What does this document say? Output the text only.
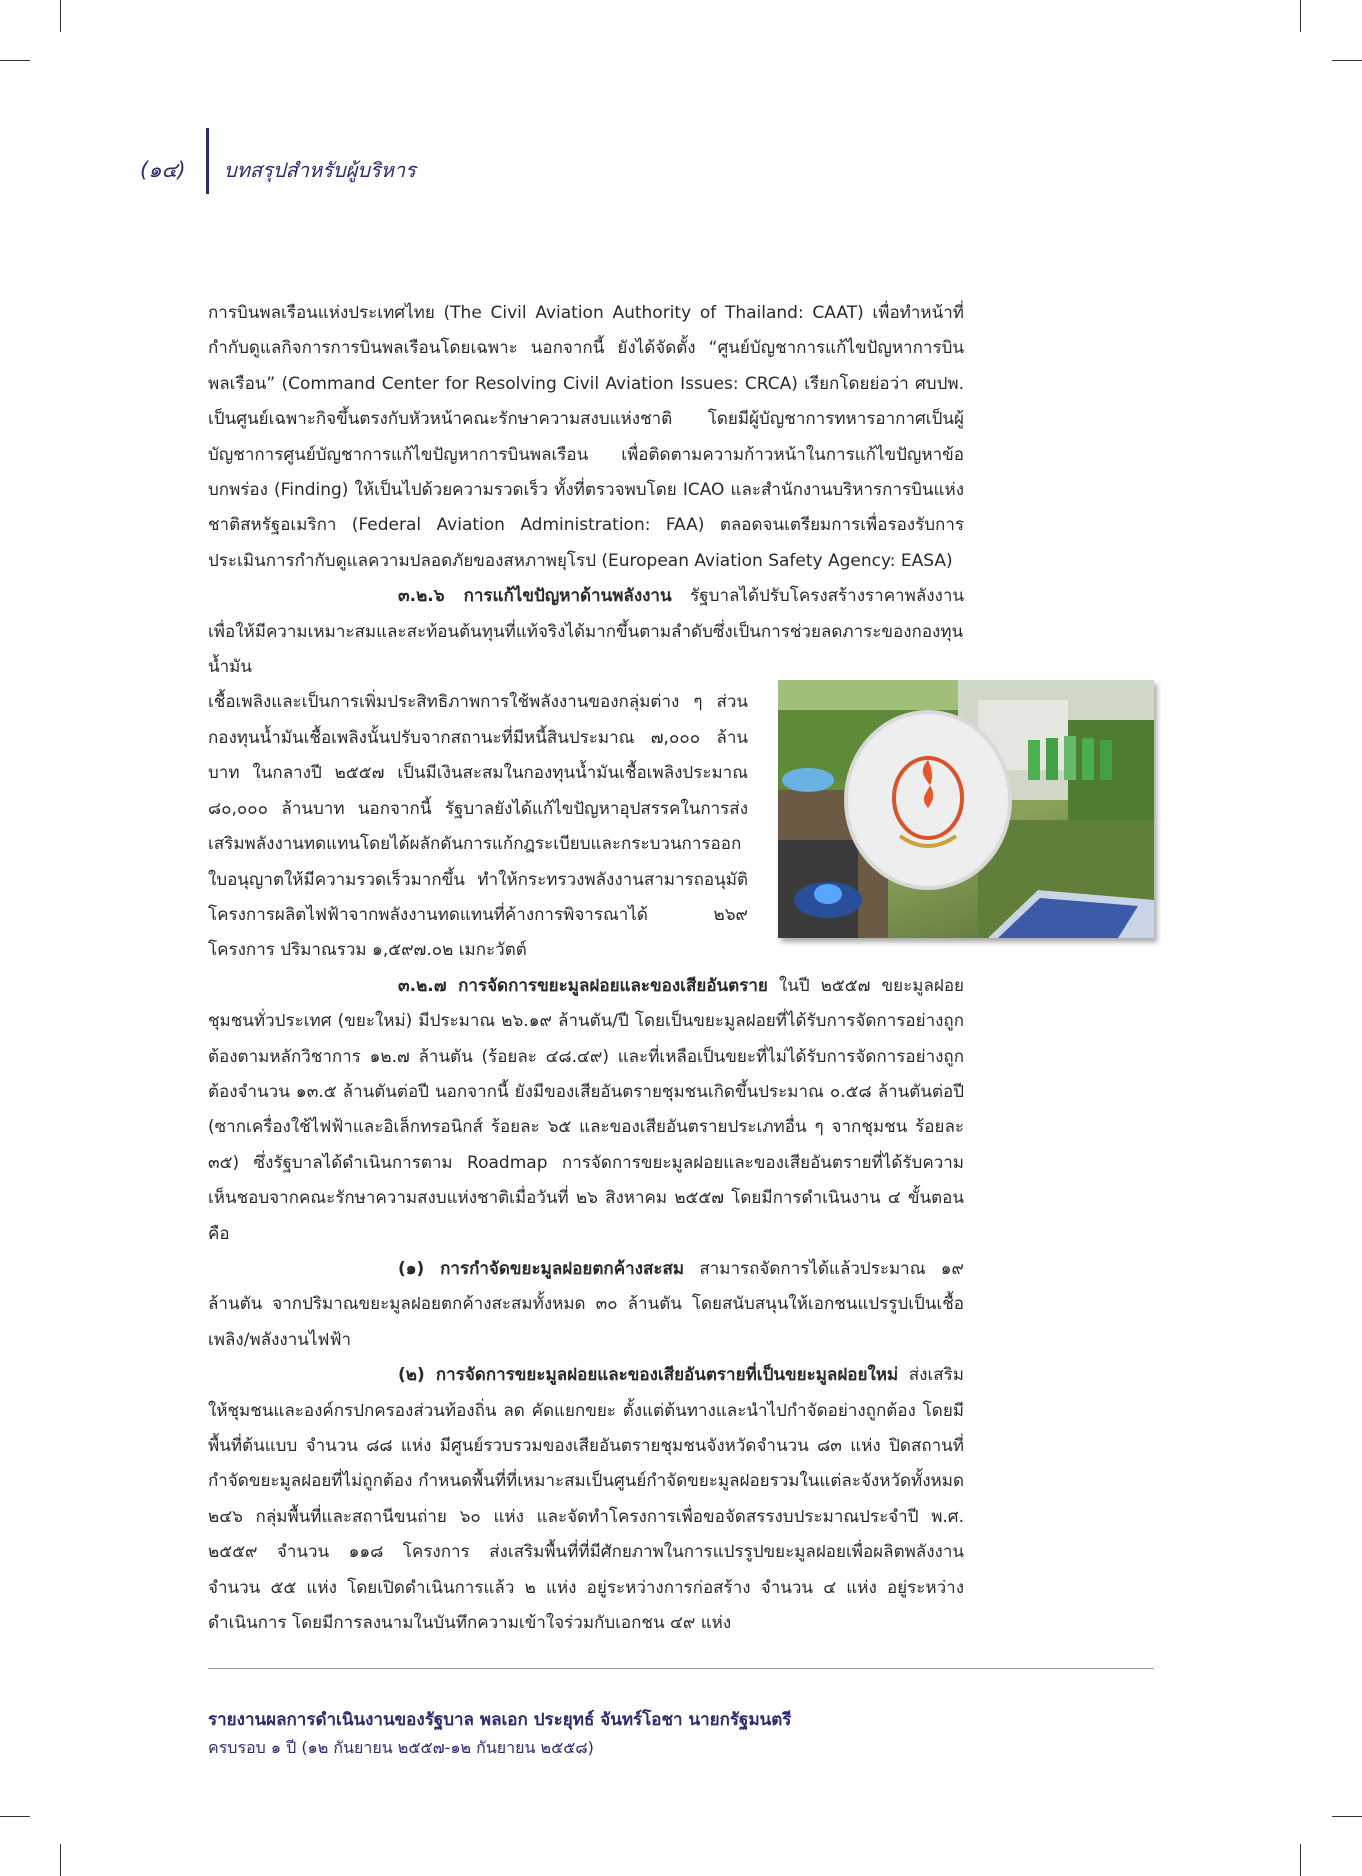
(๑๔) บทสรุปสำหรับผู้บริหาร

การบินพลเรือนแห่งประเทศไทย (The Civil Aviation Authority of Thailand: CAAT) เพื่อทำหน้าที่กำกับดูแลกิจการการบินพลเรือนโดยเฉพาะ นอกจากนี้ ยังได้จัดตั้ง “ศูนย์บัญชาการแก้ไขปัญหาการบินพลเรือน” (Command Center for Resolving Civil Aviation Issues: CRCA) เรียกโดยย่อว่า ศบปพ. เป็นศูนย์เฉพาะกิจขึ้นตรงกับหัวหน้าคณะรักษาความสงบแห่งชาติ โดยมีผู้บัญชาการทหารอากาศเป็นผู้บัญชาการศูนย์บัญชาการแก้ไขปัญหาการบินพลเรือน เพื่อติดตามความก้าวหน้าในการแก้ไขปัญหาข้อบกพร่อง (Finding) ให้เป็นไปด้วยความรวดเร็ว ทั้งที่ตรวจพบโดย ICAO และสำนักงานบริหารการบินแห่งชาติสหรัฐอเมริกา (Federal Aviation Administration: FAA) ตลอดจนเตรียมการเพื่อรองรับการประเมินการกำกับดูแลความปลอดภัยของสหภาพยุโรป (European Aviation Safety Agency: EASA)

๓.๒.๖ การแก้ไขปัญหาด้านพลังงาน รัฐบาลได้ปรับโครงสร้างราคาพลังงานเพื่อให้มีความเหมาะสมและสะท้อนต้นทุนที่แท้จริงได้มากขึ้นตามลำดับซึ่งเป็นการช่วยลดภาระของกองทุนน้ำมัน

เชื้อเพลิงและเป็นการเพิ่มประสิทธิภาพการใช้พลังงานของกลุ่มต่าง ๆ ส่วนกองทุนน้ำมันเชื้อเพลิงนั้นปรับจากสถานะที่มีหนี้สินประมาณ ๗,๐๐๐ ล้านบาท ในกลางปี ๒๕๕๗ เป็นมีเงินสะสมในกองทุนน้ำมันเชื้อเพลิงประมาณ ๘๐,๐๐๐ ล้านบาท นอกจากนี้ รัฐบาลยังได้แก้ไขปัญหาอุปสรรคในการส่งเสริมพลังงานทดแทนโดยได้ผลักดันการแก้กฎระเบียบและกระบวนการออกใบอนุญาตให้มีความรวดเร็วมากขึ้น ทำให้กระทรวงพลังงานสามารถอนุมัติโครงการผลิตไฟฟ้าจากพลังงานทดแทนที่ค้างการพิจารณาได้ ๒๖๙ โครงการ ปริมาณรวม ๑,๕๙๗.๐๒ เมกะวัตต์

๓.๒.๗ การจัดการขยะมูลฝอยและของเสียอันตราย ในปี ๒๕๕๗ ขยะมูลฝอยชุมชนทั่วประเทศ (ขยะใหม่) มีประมาณ ๒๖.๑๙ ล้านตัน/ปี โดยเป็นขยะมูลฝอยที่ได้รับการจัดการอย่างถูกต้องตามหลักวิชาการ ๑๒.๗ ล้านตัน (ร้อยละ ๔๘.๔๙) และที่เหลือเป็นขยะที่ไม่ได้รับการจัดการอย่างถูกต้องจำนวน ๑๓.๕ ล้านตันต่อปี นอกจากนี้ ยังมีของเสียอันตรายชุมชนเกิดขึ้นประมาณ ๐.๕๘ ล้านตันต่อปี (ซากเครื่องใช้ไฟฟ้าและอิเล็กทรอนิกส์ ร้อยละ ๖๕ และของเสียอันตรายประเภทอื่น ๆ จากชุมชน ร้อยละ ๓๕) ซึ่งรัฐบาลได้ดำเนินการตาม Roadmap การจัดการขยะมูลฝอยและของเสียอันตรายที่ได้รับความเห็นชอบจากคณะรักษาความสงบแห่งชาติเมื่อวันที่ ๒๖ สิงหาคม ๒๕๕๗ โดยมีการดำเนินงาน ๔ ขั้นตอน คือ

(๑) การกำจัดขยะมูลฝอยตกค้างสะสม สามารถจัดการได้แล้วประมาณ ๑๙ ล้านตัน จากปริมาณขยะมูลฝอยตกค้างสะสมทั้งหมด ๓๐ ล้านตัน โดยสนับสนุนให้เอกชนแปรรูปเป็นเชื้อเพลิง/พลังงานไฟฟ้า

(๒) การจัดการขยะมูลฝอยและของเสียอันตรายที่เป็นขยะมูลฝอยใหม่ ส่งเสริมให้ชุมชนและองค์กรปกครองส่วนท้องถิ่น ลด คัดแยกขยะ ตั้งแต่ต้นทางและนำไปกำจัดอย่างถูกต้อง โดยมีพื้นที่ต้นแบบ จำนวน ๘๘ แห่ง มีศูนย์รวบรวมของเสียอันตรายชุมชนจังหวัดจำนวน ๘๓ แห่ง ปิดสถานที่กำจัดขยะมูลฝอยที่ไม่ถูกต้อง กำหนดพื้นที่ที่เหมาะสมเป็นศูนย์กำจัดขยะมูลฝอยรวมในแต่ละจังหวัดทั้งหมด ๒๔๖ กลุ่มพื้นที่และสถานีขนถ่าย ๖๐ แห่ง และจัดทำโครงการเพื่อขอจัดสรรงบประมาณประจำปี พ.ศ. ๒๕๕๙ จำนวน ๑๑๘ โครงการ ส่งเสริมพื้นที่ที่มีศักยภาพในการแปรรูปขยะมูลฝอยเพื่อผลิตพลังงาน จำนวน ๕๕ แห่ง โดยเปิดดำเนินการแล้ว ๒ แห่ง อยู่ระหว่างการก่อสร้าง จำนวน ๔ แห่ง อยู่ระหว่างดำเนินการ โดยมีการลงนามในบันทึกความเข้าใจร่วมกับเอกชน ๔๙ แห่ง

รายงานผลการดำเนินงานของรัฐบาล พลเอก ประยุทธ์ จันทร์โอชา นายกรัฐมนตรี
ครบรอบ ๑ ปี (๑๒ กันยายน ๒๕๕๗-๑๒ กันยายน ๒๕๕๘)
